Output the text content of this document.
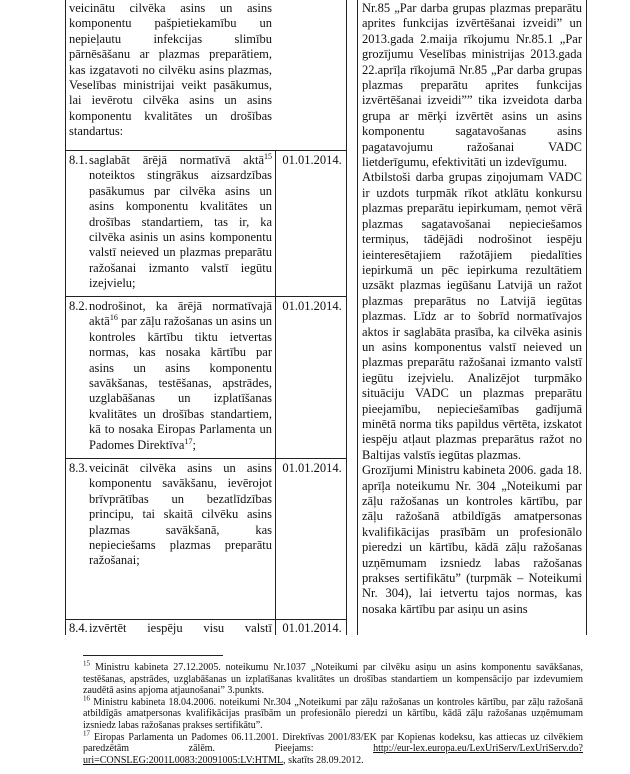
veicinātu cilvēka asins un asins komponentu pašpietiekamību un nepieļautu infekcijas slimību pārnēsāšanu ar plazmas preparātiem, kas izgatavoti no cilvēku asins plazmas, Veselības ministrijai veikt pasākumus, lai ievērotu cilvēka asins un asins komponentu kvalitātes un drošības standartus:
8.1. saglabāt ārējā normatīvā aktā$^{15}$ noteiktos stingrākus aizsardzības pasākumus par cilvēka asins un asins komponentu kvalitātes un drošības standartiem, tas ir, ka cilvēka asinis un asins komponentu valstī neieved un plazmas preparātu ražošanai izmanto valstī iegūtu izejvielu;
01.01.2014.
8.2. nodrošinot, ka ārējā normatīvajā aktā$^{16}$ par zāļu ražošanas un asins un kontroles kārtību tiktu ietvertas normas, kas nosaka kārtību par asins un asins komponentu savākšanas, testēšanas, apstrādes, uzglabāšanas un izplatīšanas kvalitātes un drošības standartiem, kā to nosaka Eiropas Parlamenta un Padomes Direktīva$^{17}$;
01.01.2014.
8.3. veicināt cilvēka asins un asins komponentu savākšanu, ievērojot brīvprātības un bezatlīdzības principu, tai skaitā cilvēku asins plazmas savākšanā, kas nepieciešams plazmas preparātu ražošanai;
01.01.2014.
8.4. izvērtēt iespēju visu valstī 01.01.2014.

Nr.85 „Par darba grupas plazmas preparātu aprites funkcijas izvērtēšanai izveidi” un 2013.gada 2.maija rīkojumu Nr.85.1 „Par grozījumu Veselības ministrijas 2013.gada 22.aprīļa rīkojumā Nr.85 „Par darba grupas plazmas preparātu aprites funkcijas izvērtēšanai izveidi”” tika izveidota darba grupa ar mērķi izvērtēt asins un asins komponentu sagatavošanas asins pagatavojumu ražošanai VADC lietderīgumu, efektivitāti un izdevīgumu.

Atbilstoši darba grupas ziņojumam VADC ir uzdots turpmāk rīkot atklātu konkursu plazmas preparātu iepirkumam, ņemot vērā plazmas sagatavošanai nepieciešamos termiņus, tādējādi nodrošinot iespēju ieinteresētajiem ražotājiem piedalīties iepirkumā un pēc iepirkuma rezultātiem uzsākt plazmas iegūšanu Latvijā un ražot plazmas preparātus no Latvijā iegūtas plazmas. Līdz ar to šobrīd normatīvajos aktos ir saglabāta prasība, ka cilvēka asinis un asins komponentus valstī neieved un plazmas preparātu ražošanai izmanto valstī iegūtu izejvielu. Analizējot turpmāko situāciju VADC un plazmas preparātu pieejamību, nepieciešamības gadījumā minētā norma tiks papildus vērtēta, izskatot iespēju atļaut plazmas preparātus ražot no Baltijas valstīs iegūtas plazmas.

Grozījumi Ministru kabineta 2006. gada 18. aprīļa noteikumu Nr. 304 „Noteikumi par zāļu ražošanas un kontroles kārtību, par zāļu ražošanā atbildīgās amatpersonas kvalifikācijas prasībām un profesionālo pieredzi un kārtību, kādā zāļu ražošanas uzņēmumam izsniedz labas ražošanas prakses sertifikātu” (turpmāk – Noteikumi Nr. 304), lai ietvertu tajos normas, kas nosaka kārtību par asiņu un asins

$^{15}$ Ministru kabineta 27.12.2005. noteikumu Nr.1037 „Noteikumi par cilvēku asiņu un asins komponentu savākšanas, testēšanas, apstrādes, uzglabāšanas un izplatīšanas kvalitātes un drošības standartiem un kompensācijo par izdevumiem zaudētā asins apjoma atjaunošanai” 3.punkts.

$^{16}$ Ministru kabineta 18.04.2006. noteikumi Nr.304 „Noteikumi par zāļu ražošanas un kontroles kārtību, par zāļu ražošanā atbildīgās amatpersonas kvalifikācijas prasībām un profesionālo pieredzi un kārtību, kādā zāļu ražošanas uzņēmumam izsniedz labas ražošanas prakses sertifikātu”.

$^{17}$ Eiropas Parlamenta un Padomes 06.11.2001. Direktīvas 2001/83/EK par Kopienas kodeksu, kas attiecas uz cilvēkiem paredzētām zālēm. Pieejams: http://eur-lex.europa.eu/LexUriServ/LexUriServ.do?uri=CONSLEG:2001L0083:20091005:LV:HTML, skatīts 28.09.2012.
